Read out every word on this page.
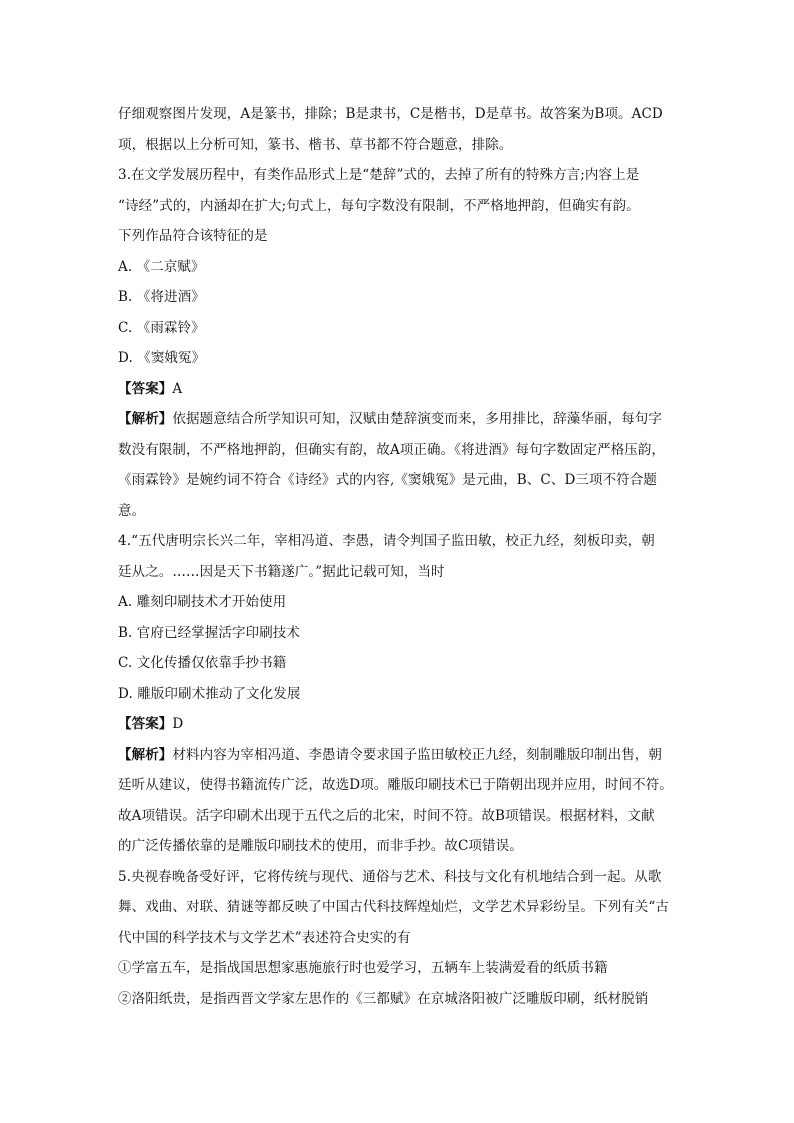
仔细观察图片发现，A是篆书，排除；B是隶书，C是楷书，D是草书。故答案为B项。ACD
项，根据以上分析可知，篆书、楷书、草书都不符合题意，排除。
3.在文学发展历程中，有类作品形式上是“楚辞”式的，去掉了所有的特殊方言;内容上是
“诗经”式的，内涵却在扩大;句式上，每句字数没有限制，不严格地押韵，但确实有韵。
下列作品符合该特征的是
A. 《二京赋》
B. 《将进酒》
C. 《雨霖铃》
D. 《窦娥冤》
【答案】A
【解析】依据题意结合所学知识可知，汉赋由楚辞演变而来，多用排比，辞藻华丽，每句字
数没有限制，不严格地押韵，但确实有韵，故A项正确。《将进酒》每句字数固定严格压韵，
《雨霖铃》是婉约词不符合《诗经》式的内容,《窦娥冤》是元曲，B、C、D三项不符合题
意。
4.“五代唐明宗长兴二年，宰相冯道、李愚，请令判国子监田敏，校正九经，刻板印卖，朝
廷从之。……因是天下书籍遂广。”据此记载可知，当时
A. 雕刻印刷技术才开始使用
B. 官府已经掌握活字印刷技术
C. 文化传播仅依靠手抄书籍
D. 雕版印刷术推动了文化发展
【答案】D
【解析】材料内容为宰相冯道、李愚请令要求国子监田敏校正九经，刻制雕版印制出售，朝
廷听从建议，使得书籍流传广泛，故选D项。雕版印刷技术已于隋朝出现并应用，时间不符。
故A项错误。活字印刷术出现于五代之后的北宋，时间不符。故B项错误。根据材料，文献
的广泛传播依靠的是雕版印刷技术的使用，而非手抄。故C项错误。
5.央视春晚备受好评，它将传统与现代、通俗与艺术、科技与文化有机地结合到一起。从歌
舞、戏曲、对联、猜谜等都反映了中国古代科技辉煌灿烂，文学艺术异彩纷呈。下列有关“古
代中国的科学技术与文学艺术”表述符合史实的有
①学富五车，是指战国思想家惠施旅行时也爱学习，五辆车上装满爱看的纸质书籍
②洛阳纸贵，是指西晋文学家左思作的《三都赋》在京城洛阳被广泛雕版印刷，纸材脱销
